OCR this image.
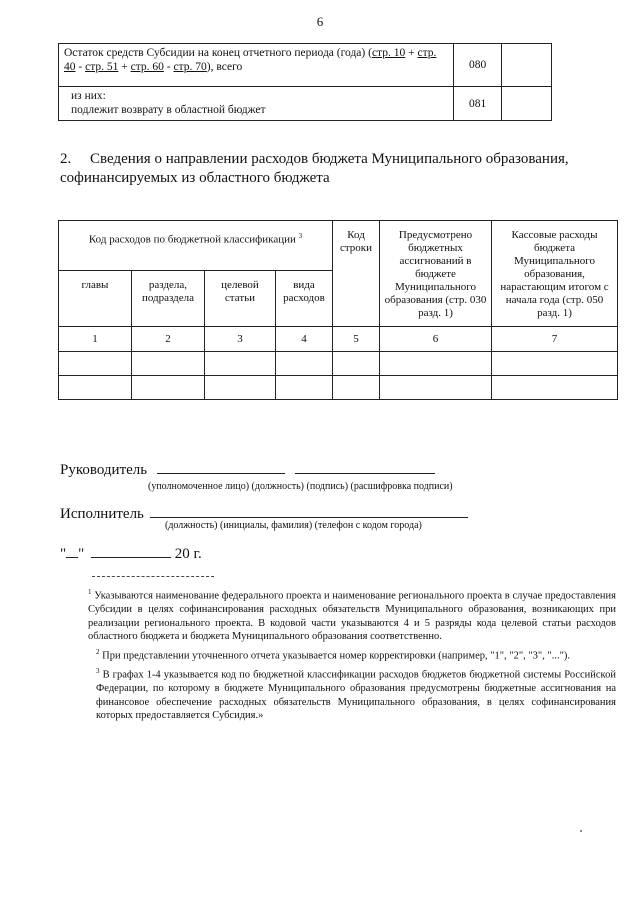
6
Остаток средств Субсидии на конец отчетного периода (года) (стр. 10 + стр. 40 - стр. 51 + стр. 60 - стр. 70), всего	080	

из них:
подлежит возврату в областной бюджет	081	
2. Сведения о направлении расходов бюджета Муниципального образования, софинансируемых из областного бюджета
Код расходов по бюджетной классификации $^3$				Код строки	Предусмотрено бюджетных ассигнований в бюджете Муниципального образования (стр. 030 разд. 1)	Кассовые расходы бюджета Муниципального образования, нарастающим итогом с начала года (стр. 050 разд. 1)
главы	раздела, подраздела	целевой статьи	вида расходов			
1	2	3	4	5	6	7

Руководитель
(уполномоченное лицо) (должность) (подпись) (расшифровка подписи)
Исполнитель
(должность) (инициалы, фамилия) (телефон с кодом города)
" "	20 г.

$^1$ Указываются наименование федерального проекта и наименование регионального проекта в случае предоставления Субсидии в целях софинансирования расходных обязательств Муниципального образования, возникающих при реализации регионального проекта. В кодовой части указываются 4 и 5 разряды кода целевой статьи расходов областного бюджета и бюджета Муниципального образования соответственно.

$^2$ При представлении уточненного отчета указывается номер корректировки (например, "1", "2", "3", "...").

$^3$ В графах 1-4 указывается код по бюджетной классификации расходов бюджетов бюджетной системы Российской Федерации, по которому в бюджете Муниципального образования предусмотрены бюджетные ассигнования на финансовое обеспечение расходных обязательств Муниципального образования, в целях софинансирования которых предоставляется Субсидия.»
